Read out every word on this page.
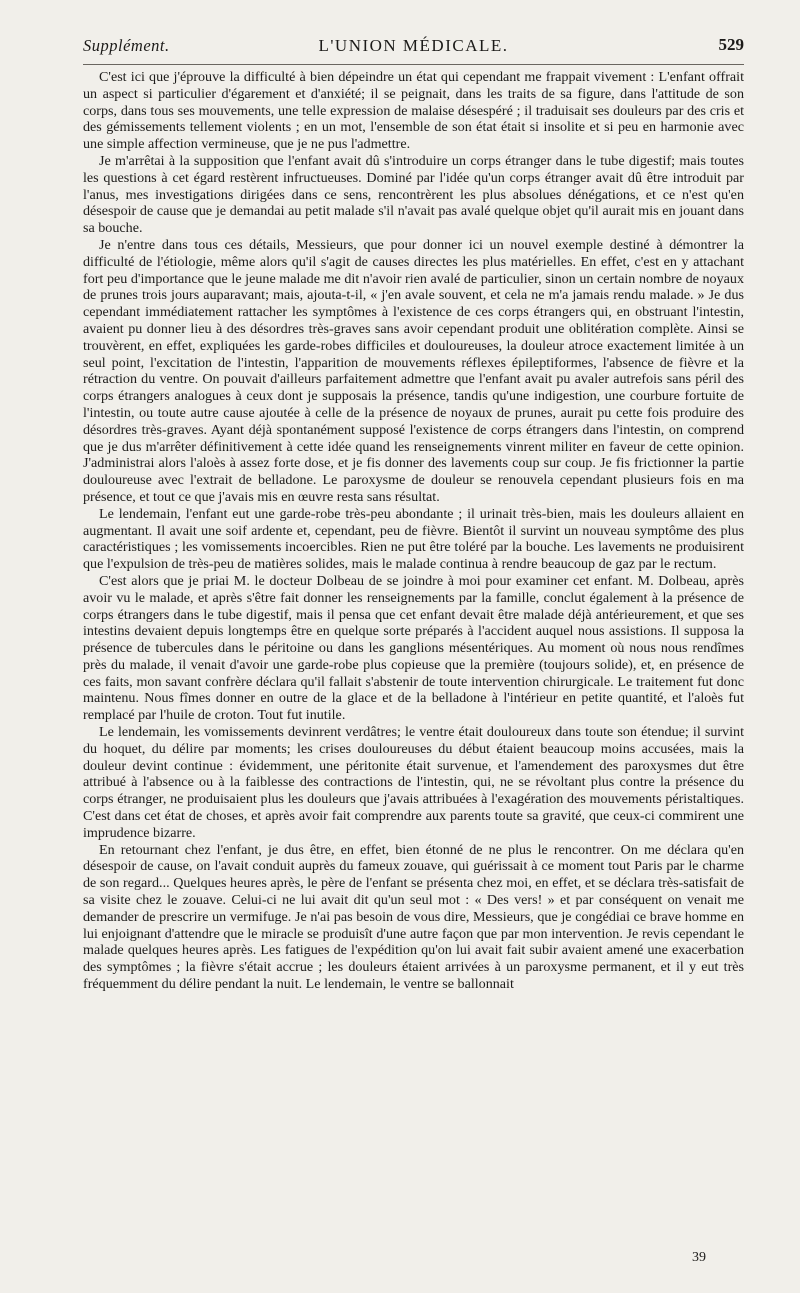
Supplément.	L'UNION MÉDICALE.	529

C'est ici que j'éprouve la difficulté à bien dépeindre un état qui cependant me frappait vivement : L'enfant offrait un aspect si particulier d'égarement et d'anxiété; il se peignait, dans les traits de sa figure, dans l'attitude de son corps, dans tous ses mouvements, une telle expression de malaise désespéré ; il traduisait ses douleurs par des cris et des gémissements tellement violents ; en un mot, l'ensemble de son état était si insolite et si peu en harmonie avec une simple affection vermineuse, que je ne pus l'admettre.

Je m'arrêtai à la supposition que l'enfant avait dû s'introduire un corps étranger dans le tube digestif; mais toutes les questions à cet égard restèrent infructueuses. Dominé par l'idée qu'un corps étranger avait dû être introduit par l'anus, mes investigations dirigées dans ce sens, rencontrèrent les plus absolues dénégations, et ce n'est qu'en désespoir de cause que je demandai au petit malade s'il n'avait pas avalé quelque objet qu'il aurait mis en jouant dans sa bouche.

Je n'entre dans tous ces détails, Messieurs, que pour donner ici un nouvel exemple destiné à démontrer la difficulté de l'étiologie, même alors qu'il s'agit de causes directes les plus matérielles. En effet, c'est en y attachant fort peu d'importance que le jeune malade me dit n'avoir rien avalé de particulier, sinon un certain nombre de noyaux de prunes trois jours auparavant; mais, ajouta-t-il, « j'en avale souvent, et cela ne m'a jamais rendu malade. » Je dus cependant immédiatement rattacher les symptômes à l'existence de ces corps étrangers qui, en obstruant l'intestin, avaient pu donner lieu à des désordres très-graves sans avoir cependant produit une oblitération complète. Ainsi se trouvèrent, en effet, expliquées les garde-robes difficiles et douloureuses, la douleur atroce exactement limitée à un seul point, l'excitation de l'intestin, l'apparition de mouvements réflexes épileptiformes, l'absence de fièvre et la rétraction du ventre. On pouvait d'ailleurs parfaitement admettre que l'enfant avait pu avaler autrefois sans péril des corps étrangers analogues à ceux dont je supposais la présence, tandis qu'une indigestion, une courbure fortuite de l'intestin, ou toute autre cause ajoutée à celle de la présence de noyaux de prunes, aurait pu cette fois produire des désordres très-graves. Ayant déjà spontanément supposé l'existence de corps étrangers dans l'intestin, on comprend que je dus m'arrêter définitivement à cette idée quand les renseignements vinrent militer en faveur de cette opinion. J'administrai alors l'aloès à assez forte dose, et je fis donner des lavements coup sur coup. Je fis frictionner la partie douloureuse avec l'extrait de belladone. Le paroxysme de douleur se renouvela cependant plusieurs fois en ma présence, et tout ce que j'avais mis en œuvre resta sans résultat.

Le lendemain, l'enfant eut une garde-robe très-peu abondante ; il urinait très-bien, mais les douleurs allaient en augmentant. Il avait une soif ardente et, cependant, peu de fièvre. Bientôt il survint un nouveau symptôme des plus caractéristiques ; les vomissements incoercibles. Rien ne put être toléré par la bouche. Les lavements ne produisirent que l'expulsion de très-peu de matières solides, mais le malade continua à rendre beaucoup de gaz par le rectum.

C'est alors que je priai M. le docteur Dolbeau de se joindre à moi pour examiner cet enfant. M. Dolbeau, après avoir vu le malade, et après s'être fait donner les renseignements par la famille, conclut également à la présence de corps étrangers dans le tube digestif, mais il pensa que cet enfant devait être malade déjà antérieurement, et que ses intestins devaient depuis longtemps être en quelque sorte préparés à l'accident auquel nous assistions. Il supposa la présence de tubercules dans le péritoine ou dans les ganglions mésentériques. Au moment où nous nous rendîmes près du malade, il venait d'avoir une garde-robe plus copieuse que la première (toujours solide), et, en présence de ces faits, mon savant confrère déclara qu'il fallait s'abstenir de toute intervention chirurgicale. Le traitement fut donc maintenu. Nous fîmes donner en outre de la glace et de la belladone à l'intérieur en petite quantité, et l'aloès fut remplacé par l'huile de croton. Tout fut inutile.

Le lendemain, les vomissements devinrent verdâtres; le ventre était douloureux dans toute son étendue; il survint du hoquet, du délire par moments; les crises douloureuses du début étaient beaucoup moins accusées, mais la douleur devint continue : évidemment, une péritonite était survenue, et l'amendement des paroxysmes dut être attribué à l'absence ou à la faiblesse des contractions de l'intestin, qui, ne se révoltant plus contre la présence du corps étranger, ne produisaient plus les douleurs que j'avais attribuées à l'exagération des mouvements péristaltiques. C'est dans cet état de choses, et après avoir fait comprendre aux parents toute sa gravité, que ceux-ci commirent une imprudence bizarre.

En retournant chez l'enfant, je dus être, en effet, bien étonné de ne plus le rencontrer. On me déclara qu'en désespoir de cause, on l'avait conduit auprès du fameux zouave, qui guérissait à ce moment tout Paris par le charme de son regard... Quelques heures après, le père de l'enfant se présenta chez moi, en effet, et se déclara très-satisfait de sa visite chez le zouave. Celui-ci ne lui avait dit qu'un seul mot : « Des vers! » et par conséquent on venait me demander de prescrire un vermifuge. Je n'ai pas besoin de vous dire, Messieurs, que je congédiai ce brave homme en lui enjoignant d'attendre que le miracle se produisît d'une autre façon que par mon intervention. Je revis cependant le malade quelques heures après. Les fatigues de l'expédition qu'on lui avait fait subir avaient amené une exacerbation des symptômes ; la fièvre s'était accrue ; les douleurs étaient arrivées à un paroxysme permanent, et il y eut très fréquemment du délire pendant la nuit. Le lendemain, le ventre se ballonnait

39
